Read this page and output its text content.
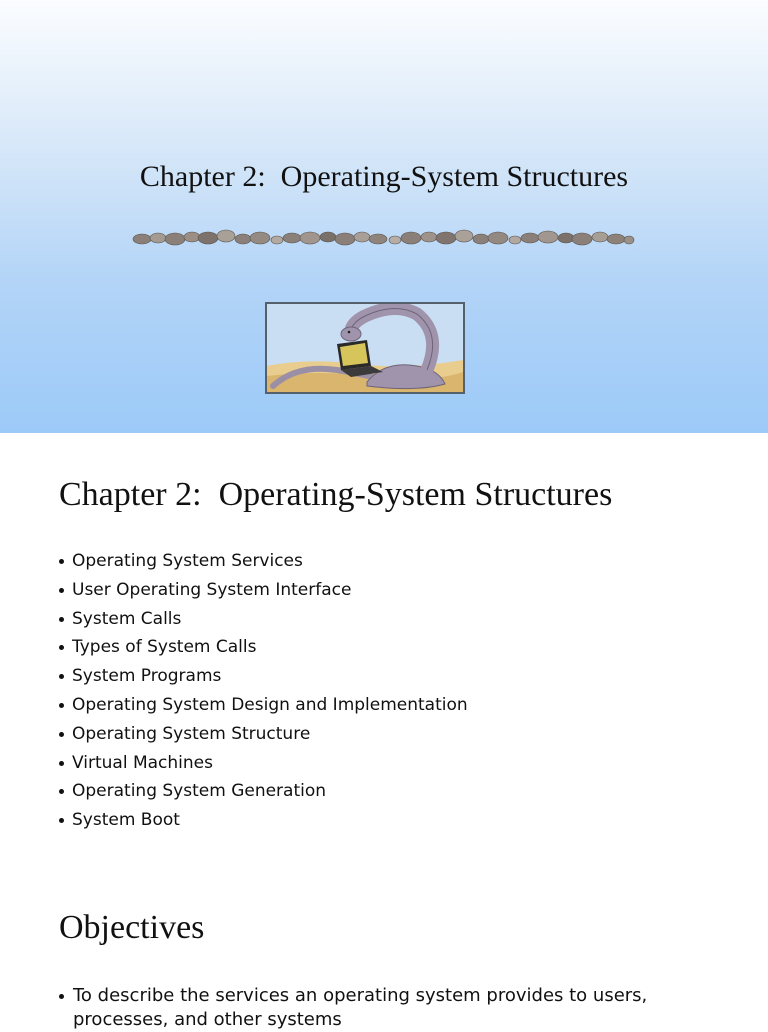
Chapter 2:  Operating-System Structures
Chapter 2:  Operating-System Structures
Operating System Services
User Operating System Interface
System Calls
Types of System Calls
System Programs
Operating System Design and Implementation
Operating System Structure
Virtual Machines
Operating System Generation
System Boot
Objectives
To describe the services an operating system provides to users, processes, and other systems
